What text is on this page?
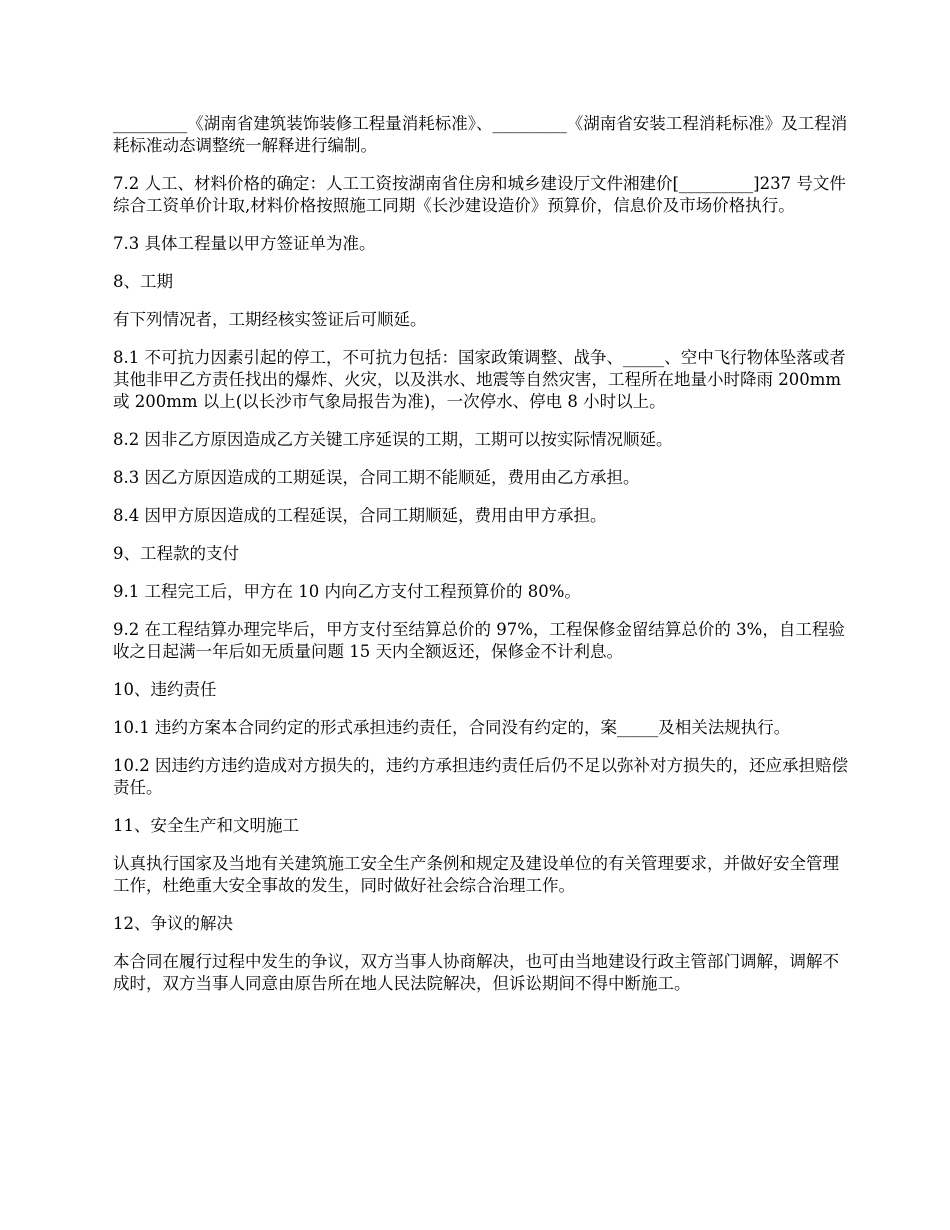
_________《湖南省建筑装饰装修工程量消耗标准》、_________《湖南省安装工程消耗标准》及工程消耗标准动态调整统一解释进行编制。

7.2 人工、材料价格的确定：人工工资按湖南省住房和城乡建设厅文件湘建价[_________]237 号文件综合工资单价计取,材料价格按照施工同期《长沙建设造价》预算价，信息价及市场价格执行。

7.3 具体工程量以甲方签证单为准。

8、工期

有下列情况者，工期经核实签证后可顺延。

8.1 不可抗力因素引起的停工，不可抗力包括：国家政策调整、战争、_____、空中飞行物体坠落或者其他非甲乙方责任找出的爆炸、火灾，以及洪水、地震等自然灾害，工程所在地量小时降雨 200mm 或 200mm 以上(以长沙市气象局报告为准)，一次停水、停电 8 小时以上。

8.2 因非乙方原因造成乙方关键工序延误的工期，工期可以按实际情况顺延。

8.3 因乙方原因造成的工期延误，合同工期不能顺延，费用由乙方承担。

8.4 因甲方原因造成的工程延误，合同工期顺延，费用由甲方承担。

9、工程款的支付

9.1 工程完工后，甲方在 10 内向乙方支付工程预算价的 80%。

9.2 在工程结算办理完毕后，甲方支付至结算总价的 97%，工程保修金留结算总价的 3%，自工程验收之日起满一年后如无质量问题 15 天内全额返还，保修金不计利息。

10、违约责任

10.1 违约方案本合同约定的形式承担违约责任，合同没有约定的，案_____及相关法规执行。

10.2 因违约方违约造成对方损失的，违约方承担违约责任后仍不足以弥补对方损失的，还应承担赔偿责任。

11、安全生产和文明施工

认真执行国家及当地有关建筑施工安全生产条例和规定及建设单位的有关管理要求，并做好安全管理工作，杜绝重大安全事故的发生，同时做好社会综合治理工作。

12、争议的解决

本合同在履行过程中发生的争议，双方当事人协商解决，也可由当地建设行政主管部门调解，调解不成时，双方当事人同意由原告所在地人民法院解决，但诉讼期间不得中断施工。
